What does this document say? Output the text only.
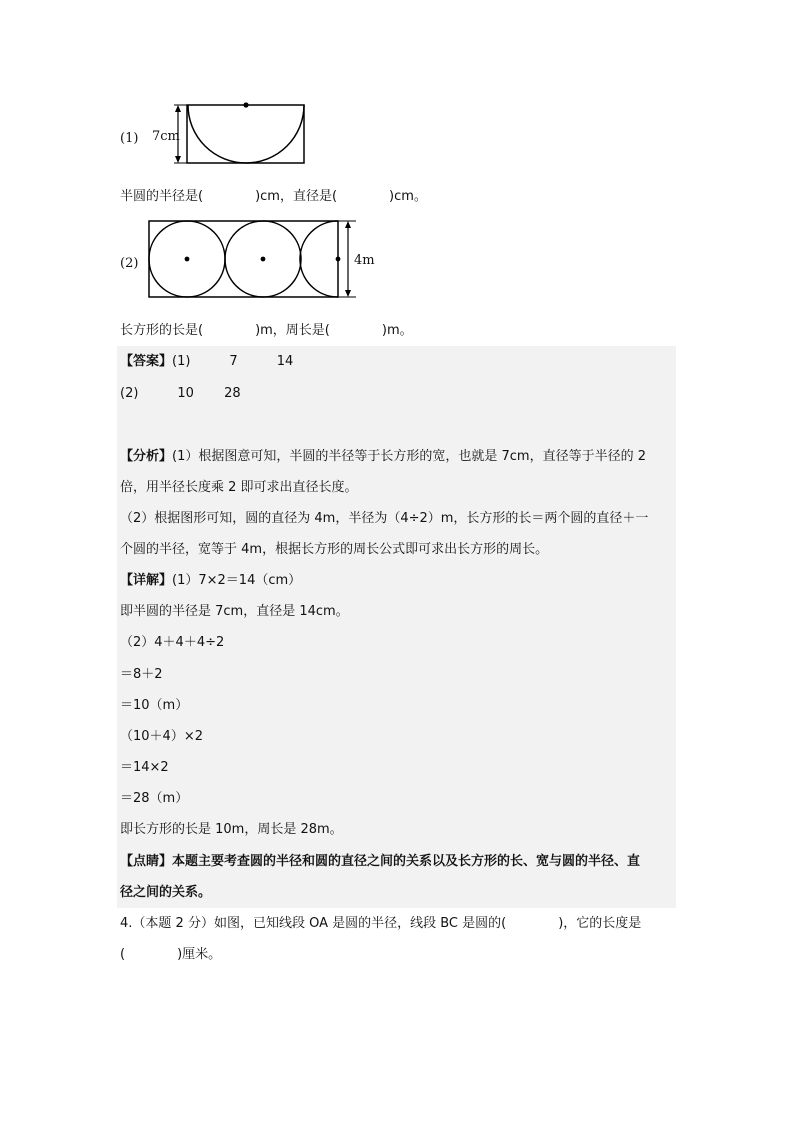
(1) 7cm
半圆的半径是(　　　　)cm，直径是(　　　　)cm。
(2)	4m
长方形的长是(　　　　)m，周长是(　　　　)m。
【答案】(1)　　　7　　　14
(2)　　　10　　 28
【分析】(1）根据图意可知，半圆的半径等于长方形的宽，也就是 7cm，直径等于半径的 2
倍，用半径长度乘 2 即可求出直径长度。
（2）根据图形可知，圆的直径为 4m，半径为（4÷2）m，长方形的长＝两个圆的直径＋一
个圆的半径，宽等于 4m，根据长方形的周长公式即可求出长方形的周长。
【详解】(1）7×2＝14（cm）
即半圆的半径是 7cm，直径是 14cm。
（2）4＋4＋4÷2
＝8＋2
＝10（m）
（10＋4）×2
＝14×2
＝28（m）
即长方形的长是 10m，周长是 28m。
【点睛】本题主要考查圆的半径和圆的直径之间的关系以及长方形的长、宽与圆的半径、直
径之间的关系。
4.（本题 2 分）如图，已知线段 OA 是圆的半径，线段 BC 是圆的(　　　　)，它的长度是
(　　　　)厘米。
